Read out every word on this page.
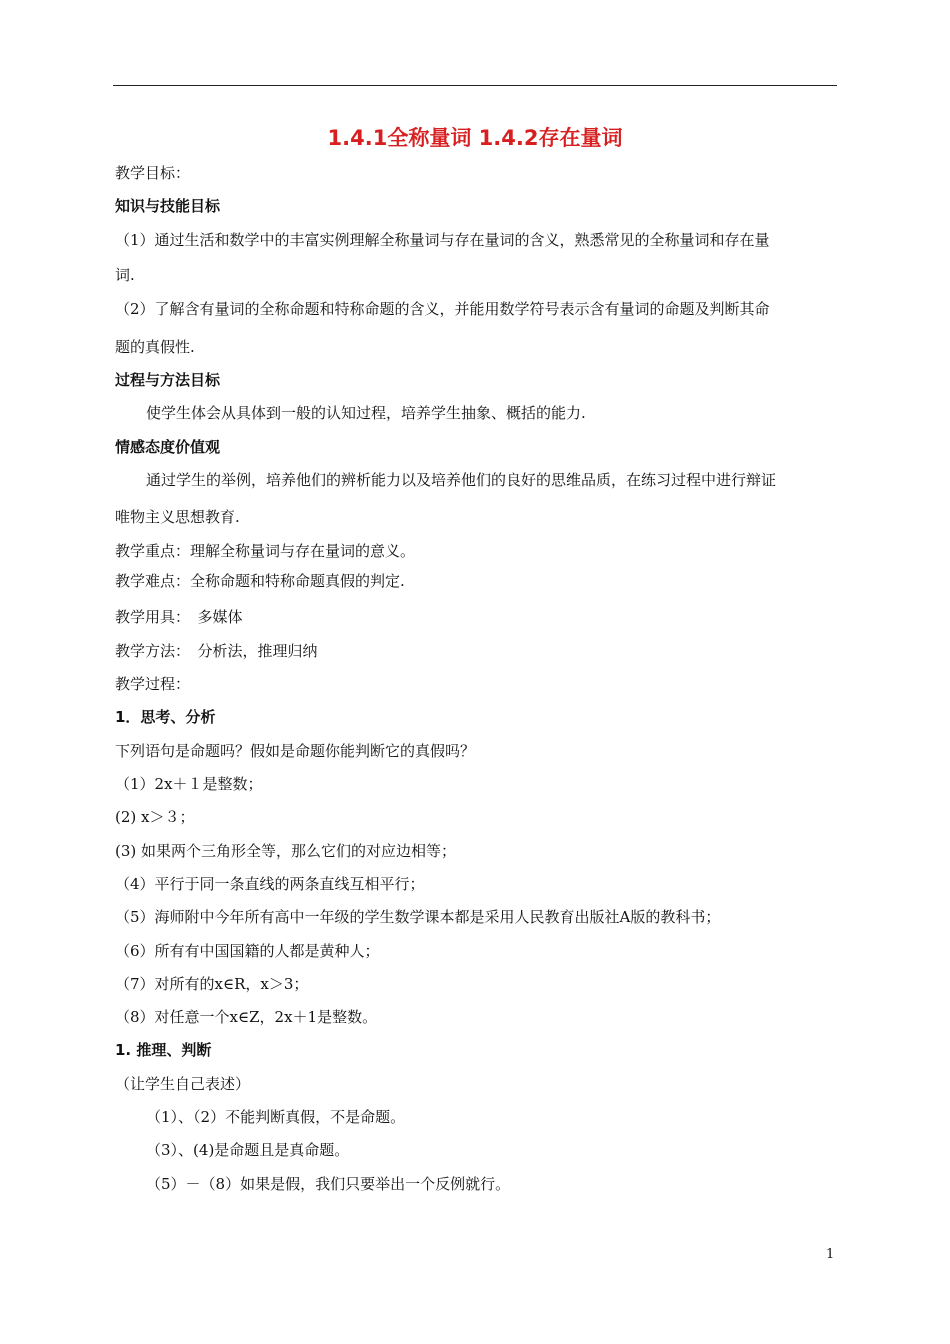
1.4.1全称量词 1.4.2存在量词
教学目标：
知识与技能目标
（1）通过生活和数学中的丰富实例理解全称量词与存在量词的含义，熟悉常见的全称量词和存在量
词.
（2）了解含有量词的全称命题和特称命题的含义，并能用数学符号表示含有量词的命题及判断其命
题的真假性.
过程与方法目标
使学生体会从具体到一般的认知过程，培养学生抽象、概括的能力.
情感态度价值观
通过学生的举例，培养他们的辨析能力以及培养他们的良好的思维品质，在练习过程中进行辩证
唯物主义思想教育.
教学重点：理解全称量词与存在量词的意义。
教学难点：全称命题和特称命题真假的判定.
教学用具：　多媒体
教学方法：　分析法，推理归纳
教学过程：
1．思考、分析
下列语句是命题吗？假如是命题你能判断它的真假吗？
（1）2x＋１是整数；
(2) x＞３；
(3) 如果两个三角形全等，那么它们的对应边相等；
（4）平行于同一条直线的两条直线互相平行；
（5）海师附中今年所有高中一年级的学生数学课本都是采用人民教育出版社A版的教科书；
（6）所有有中国国籍的人都是黄种人；
（7）对所有的x∈R，x＞3；
（8）对任意一个x∈Z，2x＋1是整数。
1. 推理、判断
（让学生自己表述）
（1）、（2）不能判断真假，不是命题。
（3）、(4)是命题且是真命题。
（5）－（8）如果是假，我们只要举出一个反例就行。
1
